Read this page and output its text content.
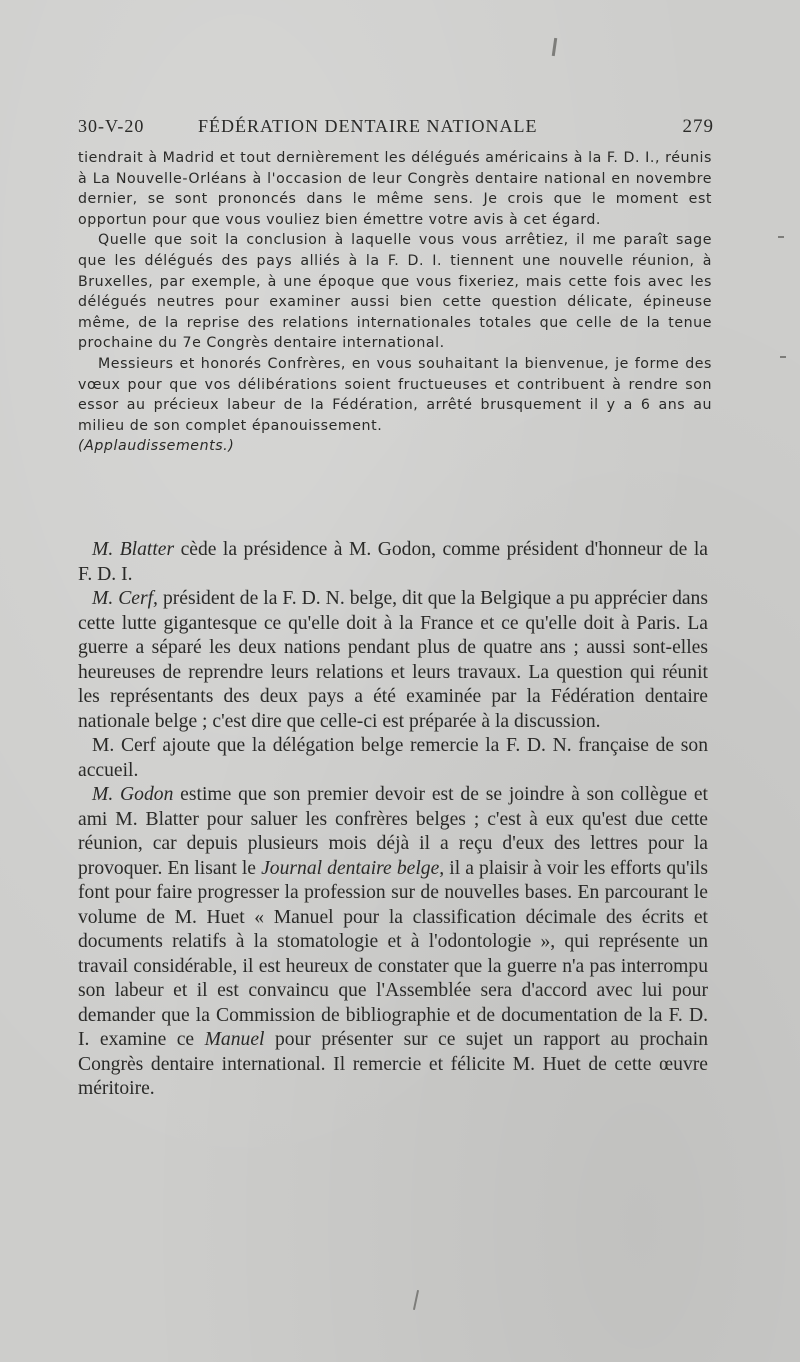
30-V-20	FÉDÉRATION DENTAIRE NATIONALE	279

tiendrait à Madrid et tout dernièrement les délégués américains à la F. D. I., réunis à La Nouvelle-Orléans à l'occasion de leur Congrès dentaire national en novembre dernier, se sont prononcés dans le même sens. Je crois que le moment est opportun pour que vous vouliez bien émettre votre avis à cet égard.

Quelle que soit la conclusion à laquelle vous vous arrêtiez, il me paraît sage que les délégués des pays alliés à la F. D. I. tiennent une nouvelle réunion, à Bruxelles, par exemple, à une époque que vous fixeriez, mais cette fois avec les délégués neutres pour examiner aussi bien cette question délicate, épineuse même, de la reprise des relations internationales totales que celle de la tenue prochaine du 7e Congrès dentaire international.

Messieurs et honorés Confrères, en vous souhaitant la bienvenue, je forme des vœux pour que vos délibérations soient fructueuses et contribuent à rendre son essor au précieux labeur de la Fédération, arrêté brusquement il y a 6 ans au milieu de son complet épanouissement.

(Applaudissements.)

M. Blatter cède la présidence à M. Godon, comme président d'honneur de la F. D. I.

M. Cerf, président de la F. D. N. belge, dit que la Belgique a pu apprécier dans cette lutte gigantesque ce qu'elle doit à la France et ce qu'elle doit à Paris. La guerre a séparé les deux nations pendant plus de quatre ans ; aussi sont-elles heureuses de reprendre leurs relations et leurs travaux. La question qui réunit les représentants des deux pays a été examinée par la Fédération dentaire nationale belge ; c'est dire que celle-ci est préparée à la discussion.

M. Cerf ajoute que la délégation belge remercie la F. D. N. française de son accueil.

M. Godon estime que son premier devoir est de se joindre à son collègue et ami M. Blatter pour saluer les confrères belges ; c'est à eux qu'est due cette réunion, car depuis plusieurs mois déjà il a reçu d'eux des lettres pour la provoquer. En lisant le Journal dentaire belge, il a plaisir à voir les efforts qu'ils font pour faire progresser la profession sur de nouvelles bases. En parcourant le volume de M. Huet « Manuel pour la classification décimale des écrits et documents relatifs à la stomatologie et à l'odontologie », qui représente un travail considérable, il est heureux de constater que la guerre n'a pas interrompu son labeur et il est convaincu que l'Assemblée sera d'accord avec lui pour demander que la Commission de bibliographie et de documentation de la F. D. I. examine ce Manuel pour présenter sur ce sujet un rapport au prochain Congrès dentaire international. Il remercie et félicite M. Huet de cette œuvre méritoire.
